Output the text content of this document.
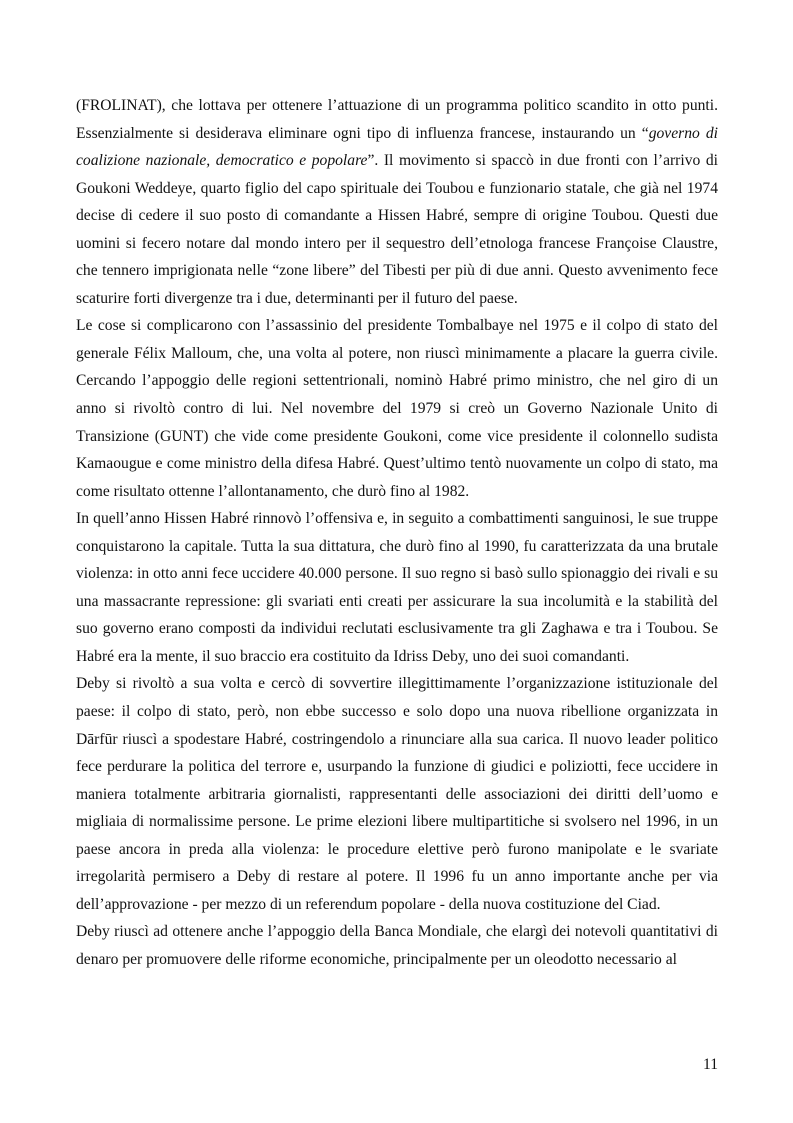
(FROLINAT), che lottava per ottenere l’attuazione di un programma politico scandito in otto punti. Essenzialmente si desiderava eliminare ogni tipo di influenza francese, instaurando un “governo di coalizione nazionale, democratico e popolare”. Il movimento si spaccò in due fronti con l’arrivo di Goukoni Weddeye, quarto figlio del capo spirituale dei Toubou e funzionario statale, che già nel 1974 decise di cedere il suo posto di comandante a Hissen Habré, sempre di origine Toubou. Questi due uomini si fecero notare dal mondo intero per il sequestro dell’etnologa francese Françoise Claustre, che tennero imprigionata nelle “zone libere” del Tibesti per più di due anni. Questo avvenimento fece scaturire forti divergenze tra i due, determinanti per il futuro del paese.

Le cose si complicarono con l’assassinio del presidente Tombalbaye nel 1975 e il colpo di stato del generale Félix Malloum, che, una volta al potere, non riuscì minimamente a placare la guerra civile. Cercando l’appoggio delle regioni settentrionali, nominò Habré primo ministro, che nel giro di un anno si rivoltò contro di lui. Nel novembre del 1979 si creò un Governo Nazionale Unito di Transizione (GUNT) che vide come presidente Goukoni, come vice presidente il colonnello sudista Kamaougue e come ministro della difesa Habré. Quest’ultimo tentò nuovamente un colpo di stato, ma come risultato ottenne l’allontanamento, che durò fino al 1982.

In quell’anno Hissen Habré rinnovò l’offensiva e, in seguito a combattimenti sanguinosi, le sue truppe conquistarono la capitale. Tutta la sua dittatura, che durò fino al 1990, fu caratterizzata da una brutale violenza: in otto anni fece uccidere 40.000 persone. Il suo regno si basò sullo spionaggio dei rivali e su una massacrante repressione: gli svariati enti creati per assicurare la sua incolumità e la stabilità del suo governo erano composti da individui reclutati esclusivamente tra gli Zaghawa e tra i Toubou. Se Habré era la mente, il suo braccio era costituito da Idriss Deby, uno dei suoi comandanti.

Deby si rivoltò a sua volta e cercò di sovvertire illegittimamente l’organizzazione istituzionale del paese: il colpo di stato, però, non ebbe successo e solo dopo una nuova ribellione organizzata in Dārfūr riuscì a spodestare Habré, costringendolo a rinunciare alla sua carica. Il nuovo leader politico fece perdurare la politica del terrore e, usurpando la funzione di giudici e poliziotti, fece uccidere in maniera totalmente arbitraria giornalisti, rappresentanti delle associazioni dei diritti dell’uomo e migliaia di normalissime persone. Le prime elezioni libere multipartitiche si svolsero nel 1996, in un paese ancora in preda alla violenza: le procedure elettive però furono manipolate e le svariate irregolarità permisero a Deby di restare al potere. Il 1996 fu un anno importante anche per via dell’approvazione - per mezzo di un referendum popolare - della nuova costituzione del Ciad.

Deby riuscì ad ottenere anche l’appoggio della Banca Mondiale, che elargì dei notevoli quantitativi di denaro per promuovere delle riforme economiche, principalmente per un oleodotto necessario al

11
